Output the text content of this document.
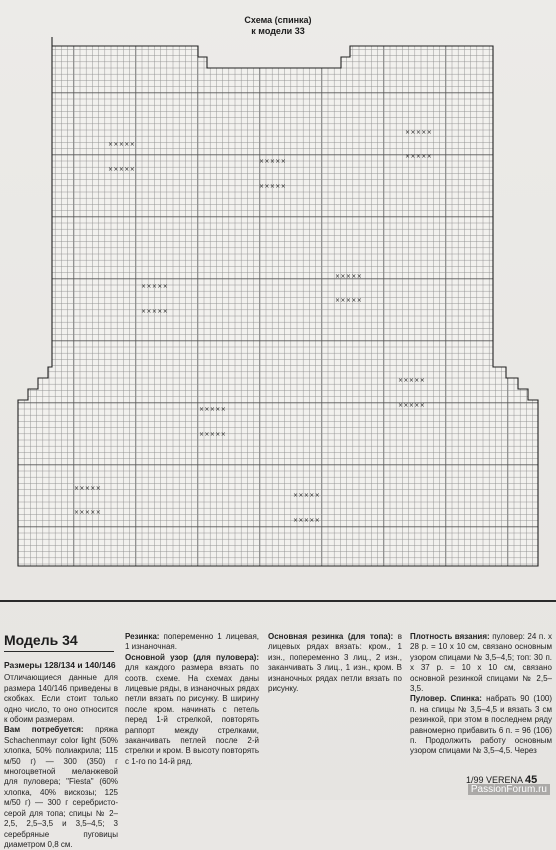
Схема (спинка)
к модели 33
×××××
×××××
×××××
×××××
×××××
×××××
×××××
×××××
×××××
×××××
×××××
×××××
×××××
×××××
×××××
×××××
×××××
×××××
Модель 34
Размеры 128/134 и 140/146

Отличающиеся данные для размера 140/146 приведены в скобках. Если стоит только одно число, то оно относится к обоим размерам.

Вам потребуется: пряжа Schachenmayr color light (50% хлопка, 50% полиакрила; 115 м/50 г) — 300 (350) г многоцветной меланжевой для пуловера; "Fiesta" (60% хлопка, 40% вискозы; 125 м/50 г) — 300 г серебристо-серой для топа; спицы № 2–2,5, 2,5–3,5 и 3,5–4,5; 3 серебряные пуговицы диаметром 0,8 см.

Резинка: попеременно 1 лицевая, 1 изнаночная.

Основной узор (для пуловера): для каждого размера вязать по соотв. схеме. На схемах даны лицевые ряды, в изнаночных рядах петли вязать по рисунку. В ширину после кром. начинать с петель перед 1-й стрелкой, повторять раппорт между стрелками, заканчивать петлей после 2-й стрелки и кром. В высоту повторять с 1-го по 14-й ряд.

Основная резинка (для топа): в лицевых рядах вязать: кром., 1 изн., попеременно 3 лиц., 2 изн., заканчивать 3 лиц., 1 изн., кром. В изнаночных рядах петли вязать по рисунку.

Плотность вязания: пуловер: 24 п. х 28 р. = 10 х 10 см, связано основным узором спицами № 3,5–4,5; топ: 30 п. х 37 р. = 10 х 10 см, связано основной резинкой спицами № 2,5–3,5.

Пуловер. Спинка: набрать 90 (100) п. на спицы № 3,5–4,5 и вязать 3 см резинкой, при этом в последнем ряду равномерно прибавить 6 п. = 96 (106) п. Продолжить работу основным узором спицами № 3,5–4,5. Через

1/99 VERENA 45
PassionForum.ru
